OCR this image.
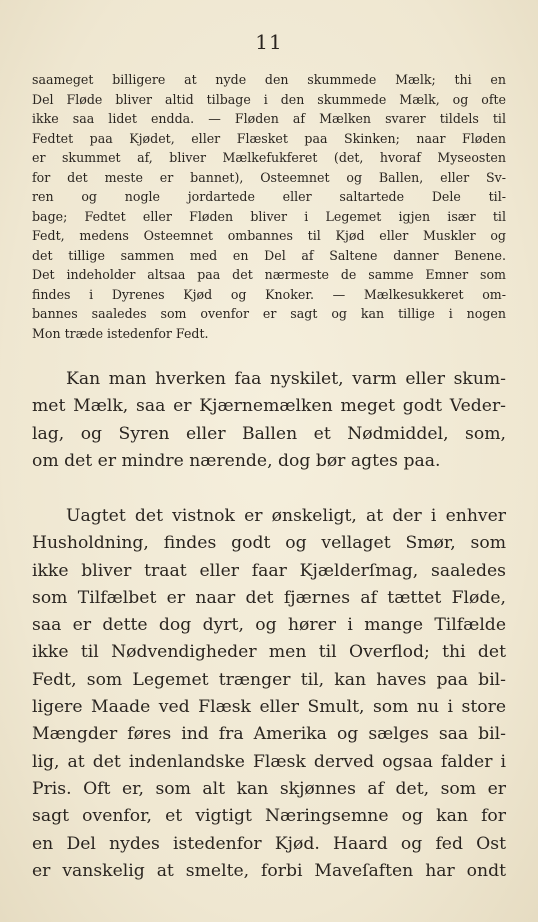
11
saameget billigere at nyde den skummede Mælk; thi en
Del Fløde bliver altid tilbage i den skummede Mælk, og ofte
ikke saa lidet endda. — Fløden af Mælken svarer tildels til
Fedtet paa Kjødet, eller Flæsket paa Skinken; naar Fløden
er skummet af, bliver Mælkefukferet (det, hvoraf Myseosten
for det meste er bannet), Osteemnet og Ballen, eller Sv-
ren og nogle jordartede eller saltartede Dele til-
bage; Fedtet eller Fløden bliver i Legemet igjen især til
Fedt, medens Osteemnet ombannes til Kjød eller Muskler og
det tillige sammen med en Del af Saltene danner Benene.
Det indeholder altsaa paa det nærmeste de samme Emner som
findes i Dyrenes Kjød og Knoker. — Mælkesukkeret om-
bannes saaledes som ovenfor er sagt og kan tillige i nogen
Mon træde istedenfor Fedt.
Kan man hverken faa nyskilet, varm eller skum-
met Mælk, saa er Kjærnemælken meget godt Veder-
lag, og Syren eller Ballen et Nødmiddel, som,
om det er mindre nærende, dog bør agtes paa.
Uagtet det vistnok er ønskeligt, at der i enhver
Husholdning, findes godt og vellaget Smør, som
ikke bliver traat eller faar Kjælderſmag, saaledes
som Tilfælbet er naar det fjærnes af tættet Fløde,
saa er dette dog dyrt, og hører i mange Tilfælde
ikke til Nødvendigheder men til Overflod; thi det
Fedt, som Legemet trænger til, kan haves paa bil-
ligere Maade ved Flæsk eller Smult, som nu i store
Mængder føres ind fra Amerika og sælges saa bil-
lig, at det indenlandske Flæsk derved ogsaa falder i
Pris. Oft er, som alt kan skjønnes af det, som er
sagt ovenfor, et vigtigt Næringsemne og kan for
en Del nydes istedenfor Kjød. Haard og fed Ost
er vanskelig at smelte, forbi Maveſaften har ondt
